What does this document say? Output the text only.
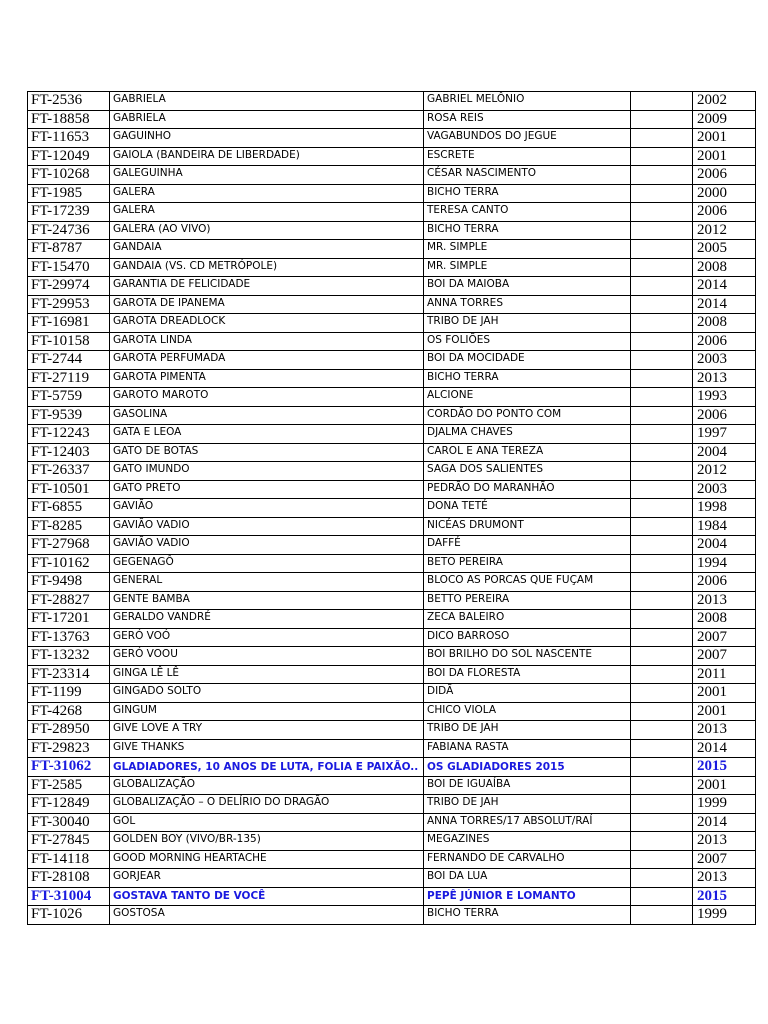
FT-2536	GABRIELA	GABRIEL MELÔNIO		2002
FT-18858	GABRIELA	ROSA REIS		2009
FT-11653	GAGUINHO	VAGABUNDOS DO JEGUE		2001
FT-12049	GAIOLA (BANDEIRA DE LIBERDADE)	ESCRETE		2001
FT-10268	GALEGUINHA	CÉSAR NASCIMENTO		2006
FT-1985	GALERA	BICHO TERRA		2000
FT-17239	GALERA	TERESA CANTO		2006
FT-24736	GALERA (AO VIVO)	BICHO TERRA		2012
FT-8787	GANDAIA	MR. SIMPLE		2005
FT-15470	GANDAIA (VS. CD METRÓPOLE)	MR. SIMPLE		2008
FT-29974	GARANTIA DE FELICIDADE	BOI DA MAIOBA		2014
FT-29953	GAROTA DE IPANEMA	ANNA TORRES		2014
FT-16981	GAROTA DREADLOCK	TRIBO DE JAH		2008
FT-10158	GAROTA LINDA	OS FOLIÕES		2006
FT-2744	GAROTA PERFUMADA	BOI DA MOCIDADE		2003
FT-27119	GAROTA PIMENTA	BICHO TERRA		2013
FT-5759	GAROTO MAROTO	ALCIONE		1993
FT-9539	GASOLINA	CORDÃO DO PONTO COM		2006
FT-12243	GATA E LEOA	DJALMA CHAVES		1997
FT-12403	GATO DE BOTAS	CAROL E ANA TEREZA		2004
FT-26337	GATO IMUNDO	SAGA DOS SALIENTES		2012
FT-10501	GATO PRETO	PEDRÃO DO MARANHÃO		2003
FT-6855	GAVIÃO	DONA TETÉ		1998
FT-8285	GAVIÃO VADIO	NICÉAS DRUMONT		1984
FT-27968	GAVIÃO VADIO	DAFFÉ		2004
FT-10162	GEGENAGÔ	BETO PEREIRA		1994
FT-9498	GENERAL	BLOCO AS PORCAS QUE FUÇAM		2006
FT-28827	GENTE BAMBA	BETTO PEREIRA		2013
FT-17201	GERALDO VANDRÉ	ZECA BALEIRO		2008
FT-13763	GERÓ VOÓ	DICO BARROSO		2007
FT-13232	GERÓ VOOU	BOI BRILHO DO SOL NASCENTE		2007
FT-23314	GINGA LÊ LÊ	BOI DA FLORESTA		2011
FT-1199	GINGADO SOLTO	DIDÃ		2001
FT-4268	GINGUM	CHICO VIOLA		2001
FT-28950	GIVE LOVE A TRY	TRIBO DE JAH		2013
FT-29823	GIVE THANKS	FABIANA RASTA		2014
FT-31062	GLADIADORES, 10 ANOS DE LUTA, FOLIA E PAIXÃO..	OS GLADIADORES 2015		2015
FT-2585	GLOBALIZAÇÃO	BOI DE IGUAÍBA		2001
FT-12849	GLOBALIZAÇÃO – O DELÍRIO DO DRAGÃO	TRIBO DE JAH		1999
FT-30040	GOL	ANNA TORRES/17 ABSOLUT/RAÍ		2014
FT-27845	GOLDEN BOY (VIVO/BR-135)	MEGAZINES		2013
FT-14118	GOOD MORNING HEARTACHE	FERNANDO DE CARVALHO		2007
FT-28108	GORJEAR	BOI DA LUA		2013
FT-31004	GOSTAVA TANTO DE VOCÊ	PEPÊ JÚNIOR E LOMANTO		2015
FT-1026	GOSTOSA	BICHO TERRA		1999
